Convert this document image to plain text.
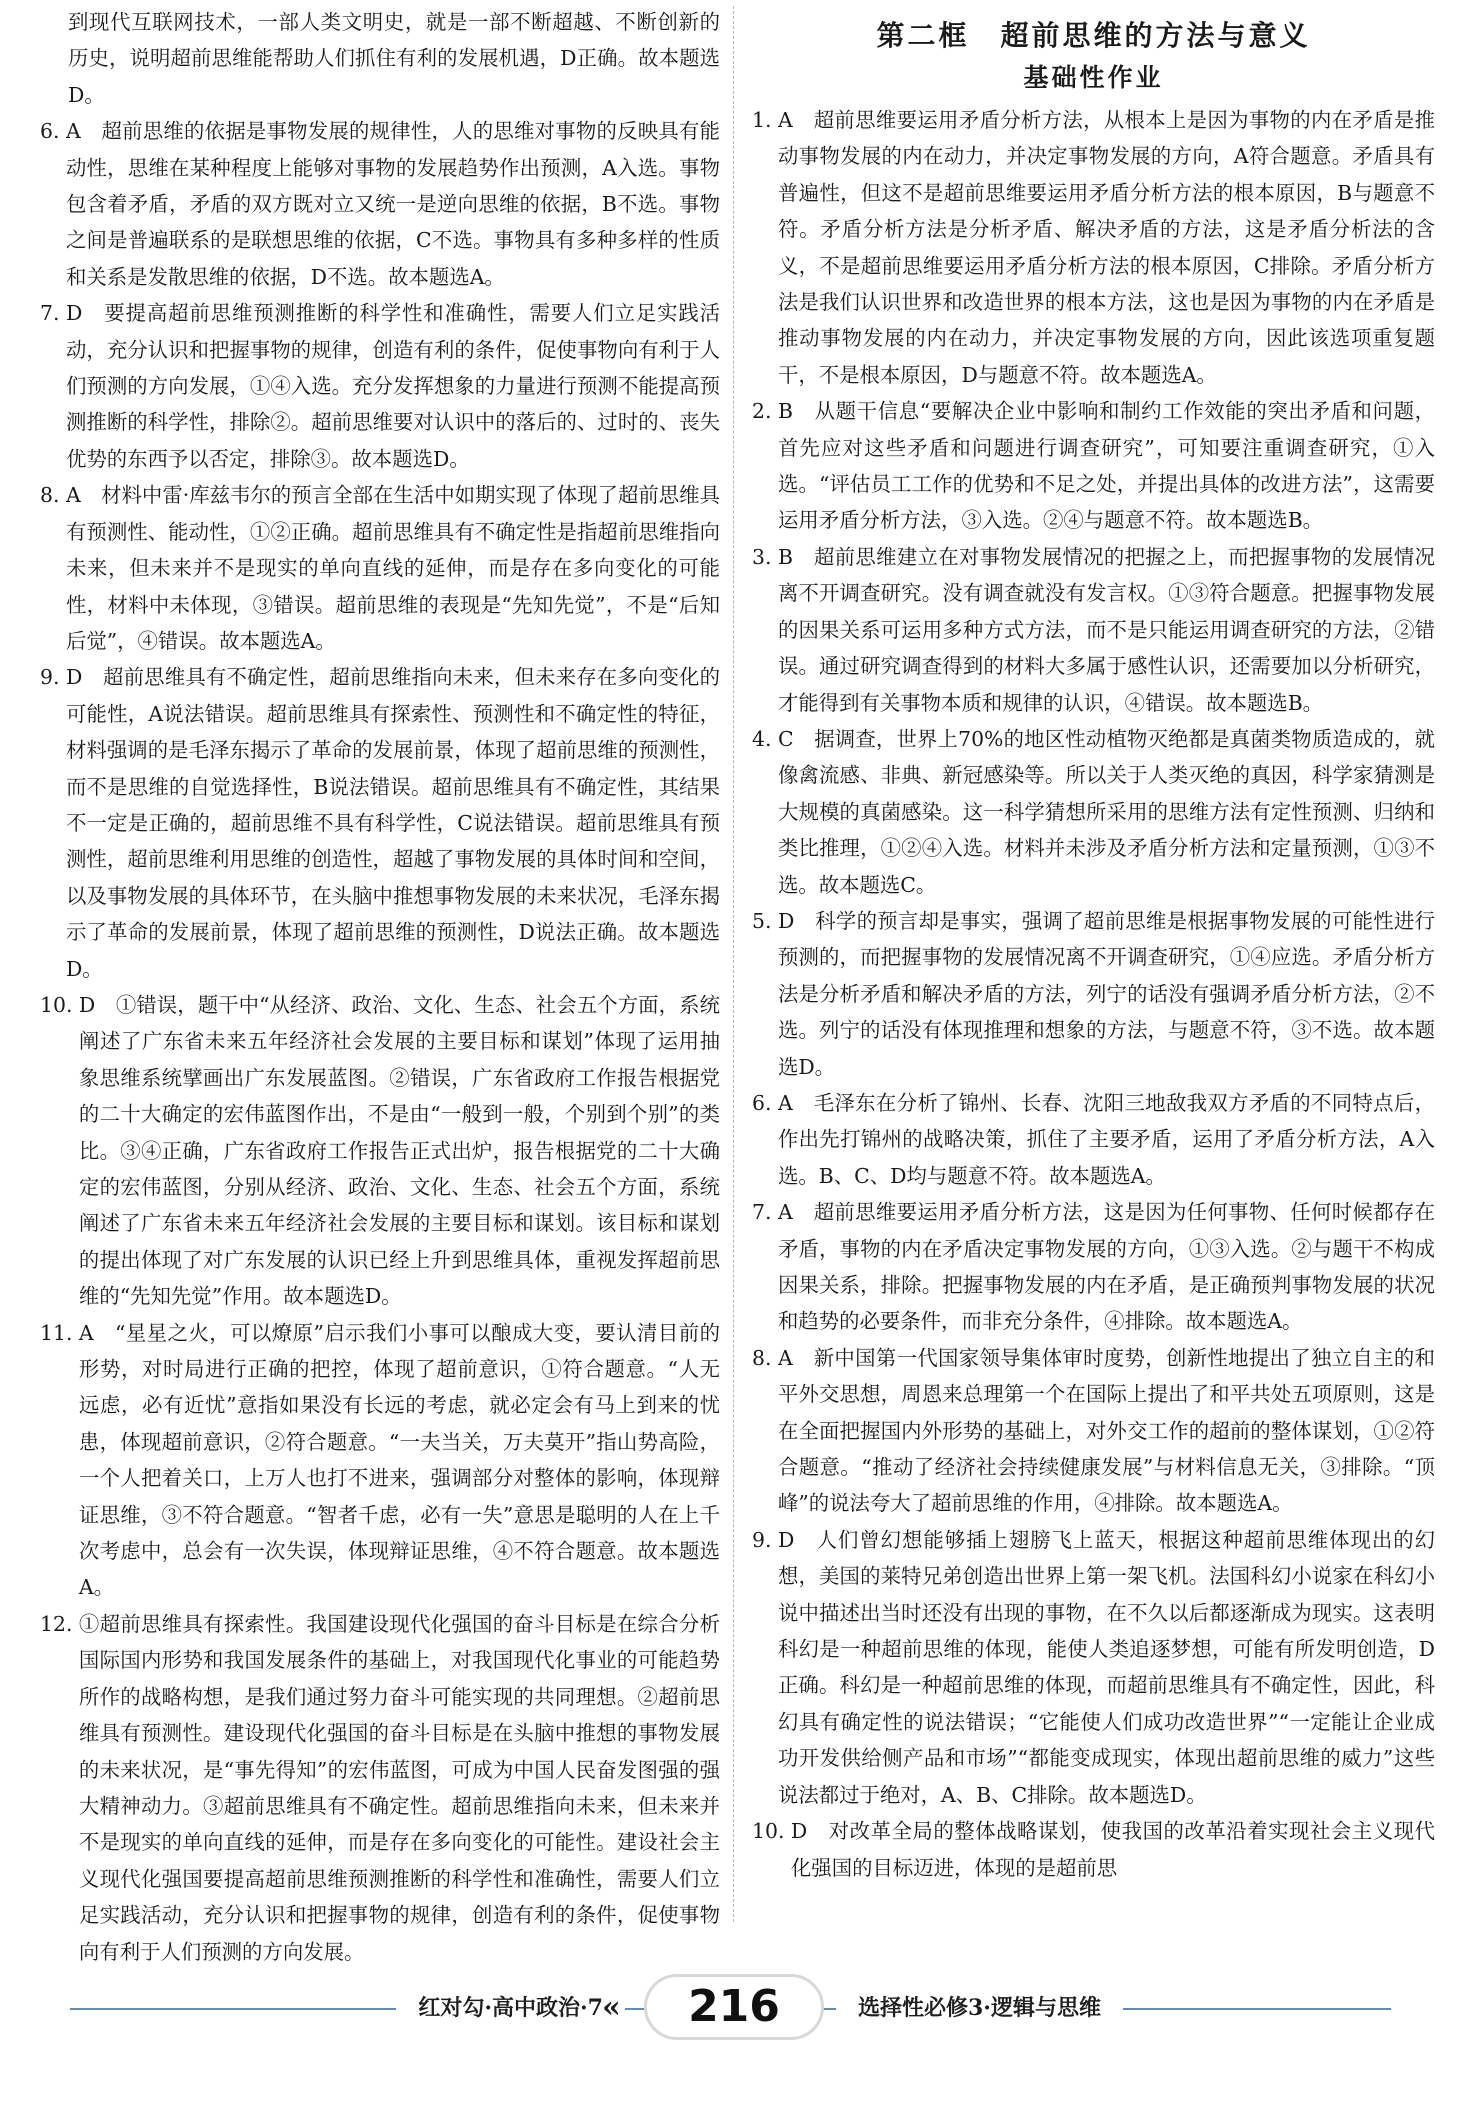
到现代互联网技术，一部人类文明史，就是一部不断超越、不断创新的历史，说明超前思维能帮助人们抓住有利的发展机遇，D正确。故本题选D。
6. A　超前思维的依据是事物发展的规律性，人的思维对事物的反映具有能动性，思维在某种程度上能够对事物的发展趋势作出预测，A入选。事物包含着矛盾，矛盾的双方既对立又统一是逆向思维的依据，B不选。事物之间是普遍联系的是联想思维的依据，C不选。事物具有多种多样的性质和关系是发散思维的依据，D不选。故本题选A。
7. D　要提高超前思维预测推断的科学性和准确性，需要人们立足实践活动，充分认识和把握事物的规律，创造有利的条件，促使事物向有利于人们预测的方向发展，①④入选。充分发挥想象的力量进行预测不能提高预测推断的科学性，排除②。超前思维要对认识中的落后的、过时的、丧失优势的东西予以否定，排除③。故本题选D。
8. A　材料中雷·库兹韦尔的预言全部在生活中如期实现了体现了超前思维具有预测性、能动性，①②正确。超前思维具有不确定性是指超前思维指向未来，但未来并不是现实的单向直线的延伸，而是存在多向变化的可能性，材料中未体现，③错误。超前思维的表现是“先知先觉”，不是“后知后觉”，④错误。故本题选A。
9. D　超前思维具有不确定性，超前思维指向未来，但未来存在多向变化的可能性，A说法错误。超前思维具有探索性、预测性和不确定性的特征，材料强调的是毛泽东揭示了革命的发展前景，体现了超前思维的预测性，而不是思维的自觉选择性，B说法错误。超前思维具有不确定性，其结果不一定是正确的，超前思维不具有科学性，C说法错误。超前思维具有预测性，超前思维利用思维的创造性，超越了事物发展的具体时间和空间，以及事物发展的具体环节，在头脑中推想事物发展的未来状况，毛泽东揭示了革命的发展前景，体现了超前思维的预测性，D说法正确。故本题选D。
10. D　①错误，题干中“从经济、政治、文化、生态、社会五个方面，系统阐述了广东省未来五年经济社会发展的主要目标和谋划”体现了运用抽象思维系统擘画出广东发展蓝图。②错误，广东省政府工作报告根据党的二十大确定的宏伟蓝图作出，不是由“一般到一般，个别到个别”的类比。③④正确，广东省政府工作报告正式出炉，报告根据党的二十大确定的宏伟蓝图，分别从经济、政治、文化、生态、社会五个方面，系统阐述了广东省未来五年经济社会发展的主要目标和谋划。该目标和谋划的提出体现了对广东发展的认识已经上升到思维具体，重视发挥超前思维的“先知先觉”作用。故本题选D。
11. A　“星星之火，可以燎原”启示我们小事可以酿成大变，要认清目前的形势，对时局进行正确的把控，体现了超前意识，①符合题意。“人无远虑，必有近忧”意指如果没有长远的考虑，就必定会有马上到来的忧患，体现超前意识，②符合题意。“一夫当关，万夫莫开”指山势高险，一个人把着关口，上万人也打不进来，强调部分对整体的影响，体现辩证思维，③不符合题意。“智者千虑，必有一失”意思是聪明的人在上千次考虑中，总会有一次失误，体现辩证思维，④不符合题意。故本题选A。
12. ①超前思维具有探索性。我国建设现代化强国的奋斗目标是在综合分析国际国内形势和我国发展条件的基础上，对我国现代化事业的可能趋势所作的战略构想，是我们通过努力奋斗可能实现的共同理想。②超前思维具有预测性。建设现代化强国的奋斗目标是在头脑中推想的事物发展的未来状况，是“事先得知”的宏伟蓝图，可成为中国人民奋发图强的强大精神动力。③超前思维具有不确定性。超前思维指向未来，但未来并不是现实的单向直线的延伸，而是存在多向变化的可能性。建设社会主义现代化强国要提高超前思维预测推断的科学性和准确性，需要人们立足实践活动，充分认识和把握事物的规律，创造有利的条件，促使事物向有利于人们预测的方向发展。
第二框　超前思维的方法与意义
基础性作业
1. A　超前思维要运用矛盾分析方法，从根本上是因为事物的内在矛盾是推动事物发展的内在动力，并决定事物发展的方向，A符合题意。矛盾具有普遍性，但这不是超前思维要运用矛盾分析方法的根本原因，B与题意不符。矛盾分析方法是分析矛盾、解决矛盾的方法，这是矛盾分析法的含义，不是超前思维要运用矛盾分析方法的根本原因，C排除。矛盾分析方法是我们认识世界和改造世界的根本方法，这也是因为事物的内在矛盾是推动事物发展的内在动力，并决定事物发展的方向，因此该选项重复题干，不是根本原因，D与题意不符。故本题选A。
2. B　从题干信息“要解决企业中影响和制约工作效能的突出矛盾和问题，首先应对这些矛盾和问题进行调查研究”，可知要注重调查研究，①入选。“评估员工工作的优势和不足之处，并提出具体的改进方法”，这需要运用矛盾分析方法，③入选。②④与题意不符。故本题选B。
3. B　超前思维建立在对事物发展情况的把握之上，而把握事物的发展情况离不开调查研究。没有调查就没有发言权。①③符合题意。把握事物发展的因果关系可运用多种方式方法，而不是只能运用调查研究的方法，②错误。通过研究调查得到的材料大多属于感性认识，还需要加以分析研究，才能得到有关事物本质和规律的认识，④错误。故本题选B。
4. C　据调查，世界上70%的地区性动植物灭绝都是真菌类物质造成的，就像禽流感、非典、新冠感染等。所以关于人类灭绝的真因，科学家猜测是大规模的真菌感染。这一科学猜想所采用的思维方法有定性预测、归纳和类比推理，①②④入选。材料并未涉及矛盾分析方法和定量预测，①③不选。故本题选C。
5. D　科学的预言却是事实，强调了超前思维是根据事物发展的可能性进行预测的，而把握事物的发展情况离不开调查研究，①④应选。矛盾分析方法是分析矛盾和解决矛盾的方法，列宁的话没有强调矛盾分析方法，②不选。列宁的话没有体现推理和想象的方法，与题意不符，③不选。故本题选D。
6. A　毛泽东在分析了锦州、长春、沈阳三地敌我双方矛盾的不同特点后，作出先打锦州的战略决策，抓住了主要矛盾，运用了矛盾分析方法，A入选。B、C、D均与题意不符。故本题选A。
7. A　超前思维要运用矛盾分析方法，这是因为任何事物、任何时候都存在矛盾，事物的内在矛盾决定事物发展的方向，①③入选。②与题干不构成因果关系，排除。把握事物发展的内在矛盾，是正确预判事物发展的状况和趋势的必要条件，而非充分条件，④排除。故本题选A。
8. A　新中国第一代国家领导集体审时度势，创新性地提出了独立自主的和平外交思想，周恩来总理第一个在国际上提出了和平共处五项原则，这是在全面把握国内外形势的基础上，对外交工作的超前的整体谋划，①②符合题意。“推动了经济社会持续健康发展”与材料信息无关，③排除。“顶峰”的说法夸大了超前思维的作用，④排除。故本题选A。
9. D　人们曾幻想能够插上翅膀飞上蓝天，根据这种超前思维体现出的幻想，美国的莱特兄弟创造出世界上第一架飞机。法国科幻小说家在科幻小说中描述出当时还没有出现的事物，在不久以后都逐渐成为现实。这表明科幻是一种超前思维的体现，能使人类追逐梦想，可能有所发明创造，D正确。科幻是一种超前思维的体现，而超前思维具有不确定性，因此，科幻具有确定性的说法错误；“它能使人们成功改造世界”“一定能让企业成功开发供给侧产品和市场”“都能变成现实，体现出超前思维的威力”这些说法都过于绝对，A、B、C排除。故本题选D。
10. D　对改革全局的整体战略谋划，使我国的改革沿着实现社会主义现代化强国的目标迈进，体现的是超前思
红对勾·高中政治·7 «	216	选择性必修3·逻辑与思维
